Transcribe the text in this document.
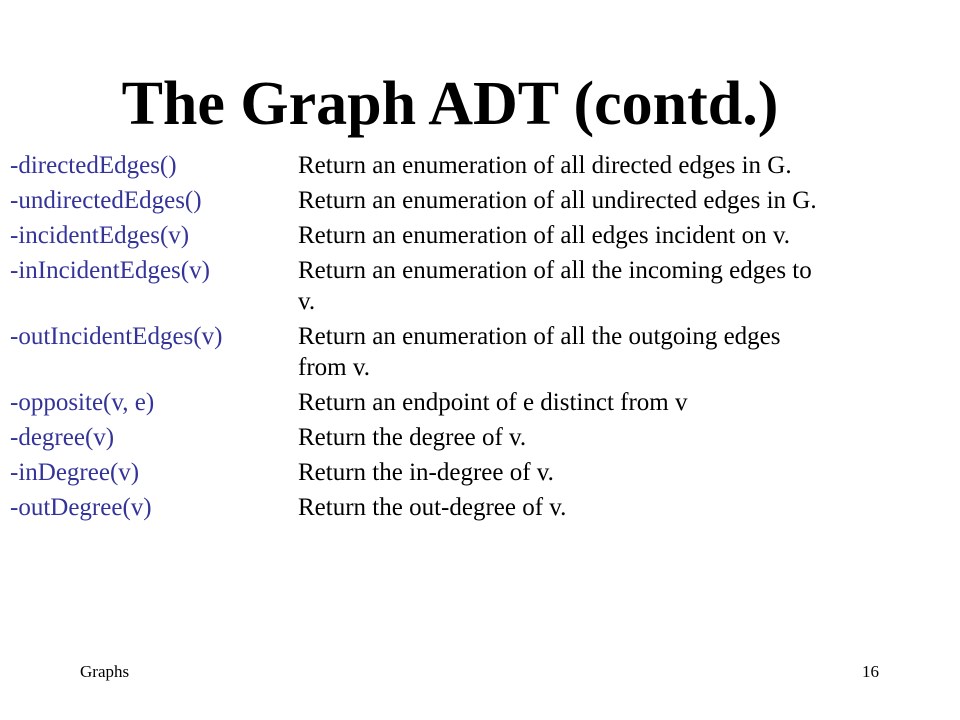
The Graph ADT (contd.)
-directedEdges()	Return an enumeration of all directed edges in G.
-undirectedEdges()	Return an enumeration of all undirected edges in G.
-incidentEdges(v)	Return an enumeration of all edges incident on v.
-inIncidentEdges(v)	Return an enumeration of all the incoming edges to v.
-outIncidentEdges(v)	Return an enumeration of all the outgoing edges from v.
-opposite(v, e)	Return an endpoint of e distinct from v
-degree(v)	Return the degree of v.
-inDegree(v)	Return the in-degree of v.
-outDegree(v)	Return the out-degree of v.
Graphs	16
